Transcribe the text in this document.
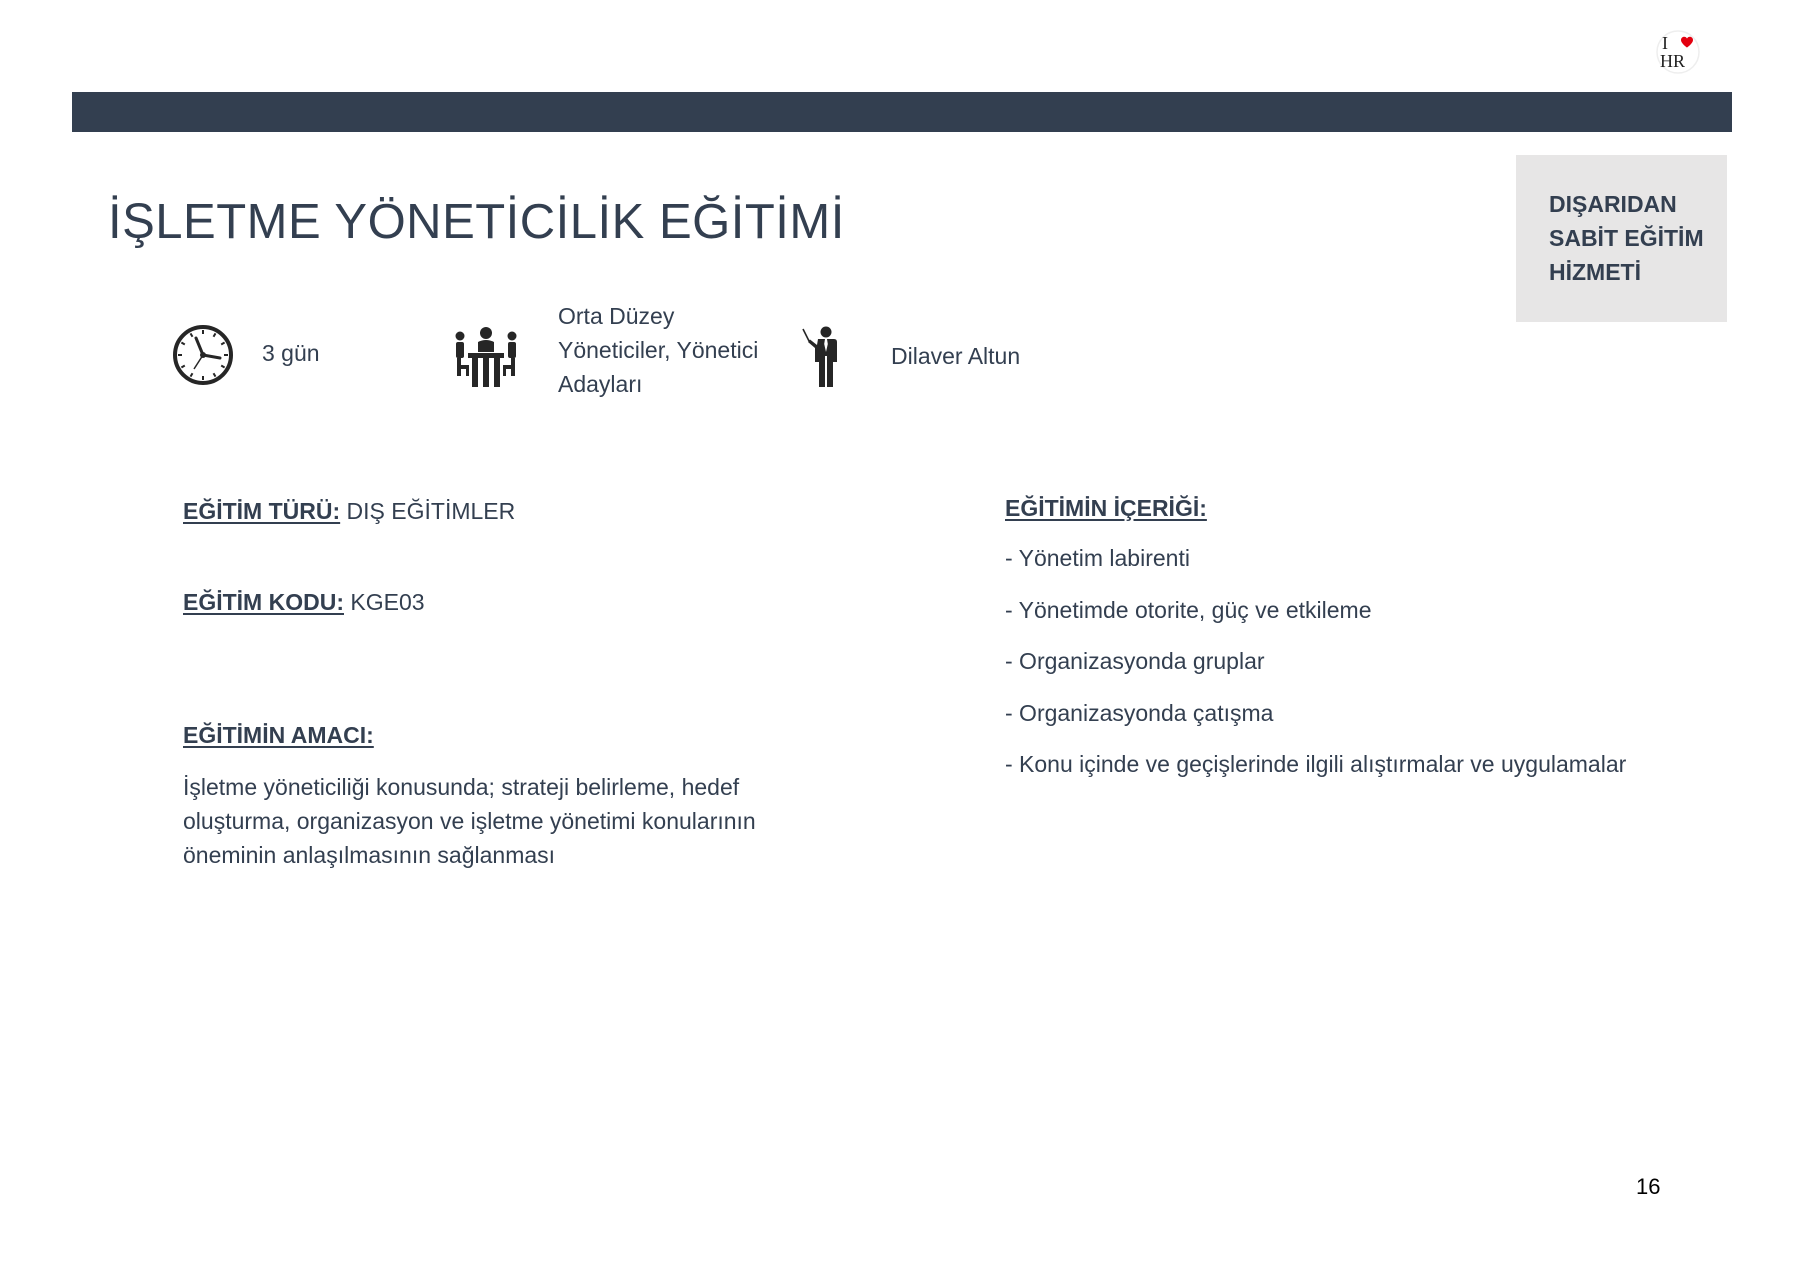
I
HR
DIŞARIDAN
SABİT EĞİTİM
HİZMETİ
İŞLETME YÖNETİCİLİK EĞİTİMİ
3 gün
Orta Düzey
Yöneticiler, Yönetici
Adayları
Dilaver Altun
EĞİTİM TÜRÜ: DIŞ EĞİTİMLER
EĞİTİM KODU: KGE03
EĞİTİMİN AMACI:
İşletme yöneticiliği konusunda; strateji belirleme, hedef
oluşturma, organizasyon ve işletme yönetimi konularının
öneminin anlaşılmasının sağlanması
EĞİTİMİN İÇERİĞİ:
- Yönetim labirenti
- Yönetimde otorite, güç ve etkileme
- Organizasyonda gruplar
- Organizasyonda çatışma
- Konu içinde ve geçişlerinde ilgili alıştırmalar ve uygulamalar
16
